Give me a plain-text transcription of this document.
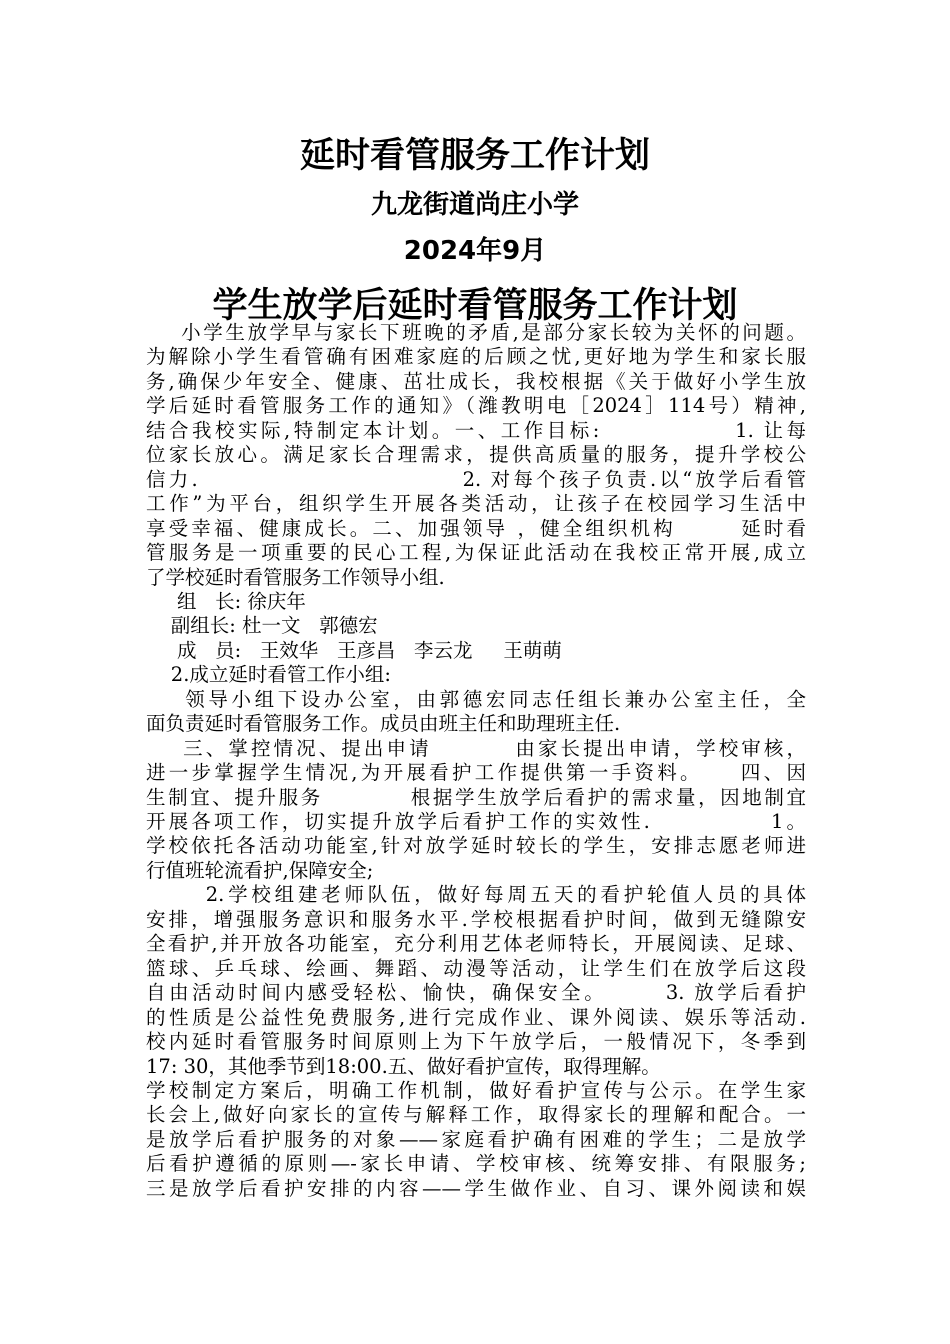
延时看管服务工作计划
九龙街道尚庄小学
2024年9月
学生放学后延时看管服务工作计划
小学生放学早与家长下班晚的矛盾,是部分家长较为关怀的问题。
为解除小学生看管确有困难家庭的后顾之忧,更好地为学生和家长服
务,确保少年安全、健康、茁壮成长，我校根据《关于做好小学生放
学后延时看管服务工作的通知》（潍教明电［2024］114号）精神,
结合我校实际,特制定本计划。一、工作目标:              1. 让每
位家长放心。满足家长合理需求，提供高质量的服务，提升学校公
信力.                            2. 对每个孩子负责.以“放学后看管
工作”为平台，组织学生开展各类活动，让孩子在校园学习生活中
享受幸福、健康成长。二、加强领导 ，健全组织机构       延时看
管服务是一项重要的民心工程,为保证此活动在我校正常开展,成立
了学校延时看管服务工作领导小组.
组   长: 徐庆年
副组长: 杜一文   郭德宏
成   员:   王效华   王彦昌   李云龙     王萌萌
2.成立延时看管工作小组:
领导小组下设办公室，由郭德宏同志任组长兼办公室主任，全
面负责延时看管服务工作。成员由班主任和助理班主任.
三、掌控情况、提出申请         由家长提出申请，学校审核，
进一步掌握学生情况,为开展看护工作提供第一手资料。    四、因
生制宜、提升服务          根据学生放学后看护的需求量，因地制宜
开展各项工作，切实提升放学后看护工作的实效性.             1。
学校依托各活动功能室,针对放学延时较长的学生，安排志愿老师进
行值班轮流看护,保障安全;
2.学校组建老师队伍，做好每周五天的看护轮值人员的具体
安排，增强服务意识和服务水平.学校根据看护时间，做到无缝隙安
全看护,并开放各功能室，充分利用艺体老师特长，开展阅读、足球、
篮球、乒乓球、绘画、舞蹈、动漫等活动，让学生们在放学后这段
自由活动时间内感受轻松、愉快，确保安全。      3. 放学后看护
的性质是公益性免费服务,进行完成作业、课外阅读、娱乐等活动.
校内延时看管服务时间原则上为下午放学后，一般情况下，冬季到
17: 30，其他季节到18:00.五、做好看护宣传，取得理解。
学校制定方案后，明确工作机制，做好看护宣传与公示。在学生家
长会上,做好向家长的宣传与解释工作，取得家长的理解和配合。一
是放学后看护服务的对象——家庭看护确有困难的学生；二是放学
后看护遵循的原则—-家长申请、学校审核、统筹安排、有限服务;
三是放学后看护安排的内容——学生做作业、自习、课外阅读和娱
